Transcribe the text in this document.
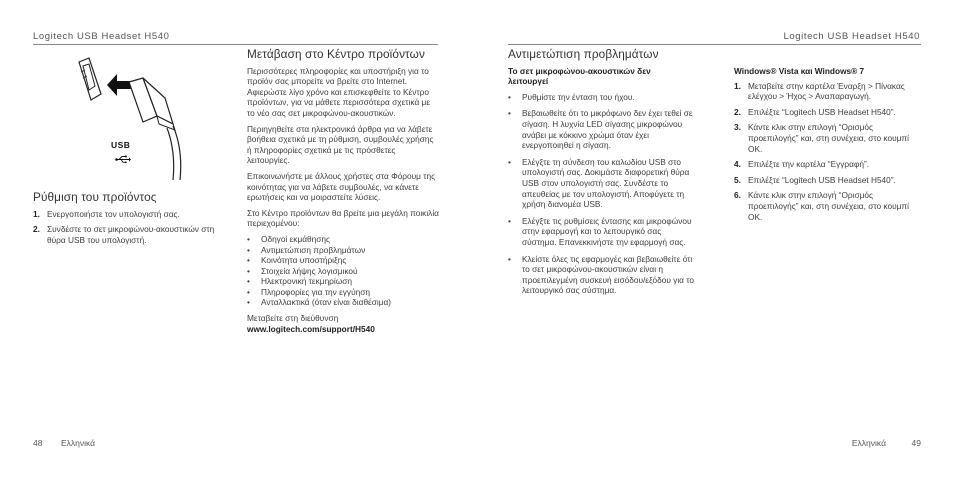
Logitech USB Headset H540	Logitech USB Headset H540
USB
Ρύθμιση του προϊόντος
1. Ενεργοποιήστε τον υπολογιστή σας.
2. Συνδέστε το σετ μικροφώνου-ακουστικών στη θύρα USB του υπολογιστή.
Μετάβαση στο Κέντρο προϊόντων

Περισσότερες πληροφορίες και υποστήριξη για το προϊόν σας μπορείτε να βρείτε στο Internet. Αφιερώστε λίγο χρόνο και επισκεφθείτε το Κέντρο προϊόντων, για να μάθετε περισσότερα σχετικά με το νέο σας σετ μικροφώνου-ακουστικών.

Περιηγηθείτε στα ηλεκτρονικά άρθρα για να λάβετε βοήθεια σχετικά με τη ρύθμιση, συμβουλές χρήσης ή πληροφορίες σχετικά με τις πρόσθετες λειτουργίες.

Επικοινωνήστε με άλλους χρήστες στα Φόρουμ της κοινότητας για να λάβετε συμβουλές, να κάνετε ερωτήσεις και να μοιραστείτε λύσεις.

Στο Κέντρο προϊόντων θα βρείτε μια μεγάλη ποικιλία περιεχομένου:

• Οδηγοί εκμάθησης
• Αντιμετώπιση προβλημάτων
• Κοινότητα υποστήριξης
• Στοιχεία λήψης λογισμικού
• Ηλεκτρονική τεκμηρίωση
• Πληροφορίες για την εγγύηση
• Ανταλλακτικά (όταν είναι διαθέσιμα)

Μεταβείτε στη διεύθυνση www.logitech.com/support/H540

Αντιμετώπιση προβλημάτων

Το σετ μικροφώνου-ακουστικών δεν λειτουργεί

• Ρυθμίστε την ένταση του ήχου.
• Βεβαιωθείτε ότι το μικρόφωνο δεν έχει τεθεί σε σίγαση. Η λυχνία LED σίγασης μικροφώνου ανάβει με κόκκινο χρώμα όταν έχει ενεργοποιηθεί η σίγαση.
• Ελέγξτε τη σύνδεση του καλωδίου USB στο υπολογιστή σας. Δοκιμάστε διαφορετική θύρα USB στον υπολογιστή σας. Συνδέστε το απευθείας με τον υπολογιστή. Αποφύγετε τη χρήση διανομέα USB.
• Ελέγξτε τις ρυθμίσεις έντασης και μικροφώνου στην εφαρμογή και το λειτουργικό σας σύστημα. Επανεκκινήστε την εφαρμογή σας.
• Κλείστε όλες τις εφαρμογές και βεβαιωθείτε ότι το σετ μικροφώνου-ακουστικών είναι η προεπιλεγμένη συσκευή εισόδου/εξόδου για το λειτουργικό σας σύστημα.

Windows® Vista και Windows® 7

1. Μεταβείτε στην καρτέλα Έναρξη > Πίνακας ελέγχου > Ήχος > Αναπαραγωγή.
2. Επιλέξτε “Logitech USB Headset H540”.
3. Κάντε κλικ στην επιλογή “Ορισμός προεπιλογής” και, στη συνέχεια, στο κουμπί OK.
4. Επιλέξτε την καρτέλα “Εγγραφή”.
5. Επιλέξτε “Logitech USB Headset H540”.
6. Κάντε κλικ στην επιλογή “Ορισμός προεπιλογής” και, στη συνέχεια, στο κουμπί OK.
48 Ελληνικά	Ελληνικά	49
